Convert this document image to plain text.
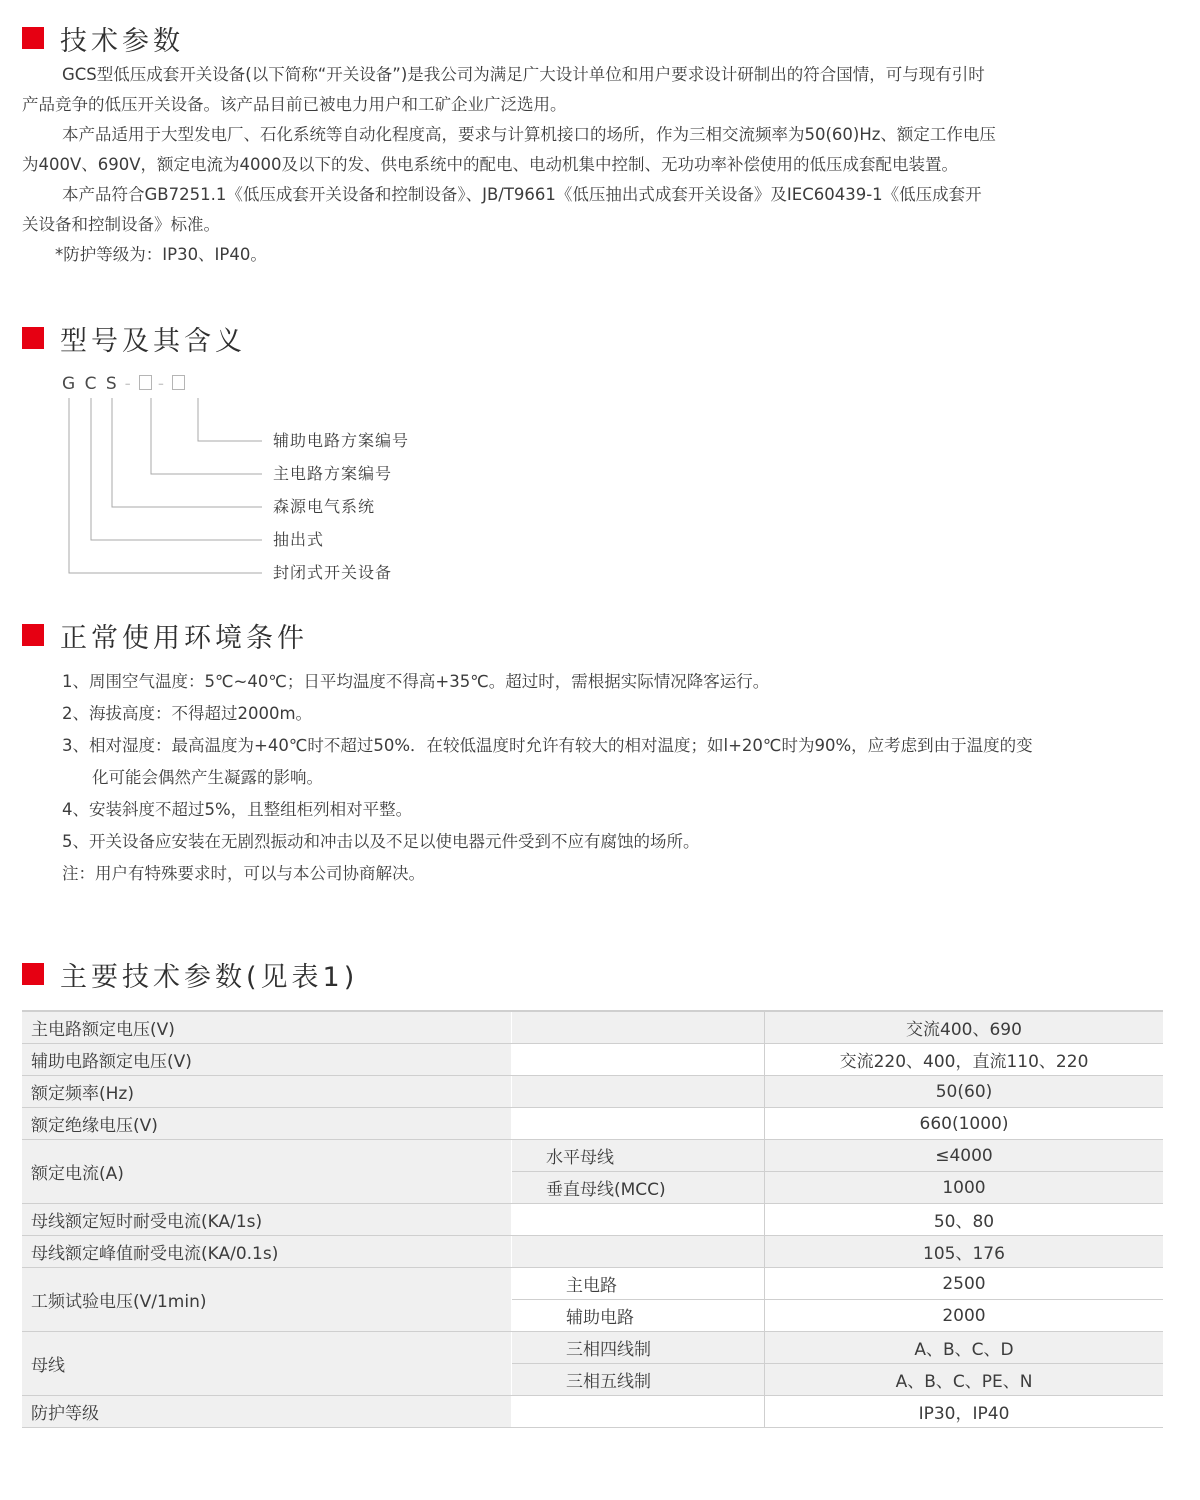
技术参数

GCS型低压成套开关设备(以下简称“开关设备”)是我公司为满足广大设计单位和用户要求设计研制出的符合国情，可与现有引时

产品竞争的低压开关设备。该产品目前已被电力用户和工矿企业广泛选用。

本产品适用于大型发电厂、石化系统等自动化程度高，要求与计算机接口的场所，作为三相交流频率为50(60)Hz、额定工作电压

为400V、690V，额定电流为4000及以下的发、供电系统中的配电、电动机集中控制、无功功率补偿使用的低压成套配电装置。

本产品符合GB7251.1《低压成套开关设备和控制设备》、JB/T9661《低压抽出式成套开关设备》及IEC60439-1《低压成套开

关设备和控制设备》标准。

*防护等级为：IP30、IP40。

型号及其含义
G C S - -
辅助电路方案编号
主电路方案编号
森源电气系统
抽出式
封闭式开关设备
正常使用环境条件
1、周围空气温度：5℃~40℃；日平均温度不得高+35℃。超过时，需根据实际情况降客运行。
2、海拔高度：不得超过2000m。
3、相对湿度：最高温度为+40℃时不超过50%．在较低温度时允许有较大的相对温度；如l+20℃时为90%，应考虑到由于温度的变
化可能会偶然产生凝露的影响。
4、安装斜度不超过5%，且整组柜列相对平整。
5、开关设备应安装在无剧烈振动和冲击以及不足以使电器元件受到不应有腐蚀的场所。
注：用户有特殊要求时，可以与本公司协商解决。
主要技术参数(见表1)
主电路额定电压(V)		交流400、690
辅助电路额定电压(V)		交流220、400，直流110、220
额定频率(Hz)		50(60)
额定绝缘电压(V)		660(1000)
额定电流(A)	水平母线	≤4000
	垂直母线(MCC)	1000
母线额定短时耐受电流(KA/1s)		50、80
母线额定峰值耐受电流(KA/0.1s)		105、176
工频试验电压(V/1min)	主电路	2500
	辅助电路	2000
母线	三相四线制	A、B、C、D
	三相五线制	A、B、C、PE、N
防护等级		IP30，IP40
